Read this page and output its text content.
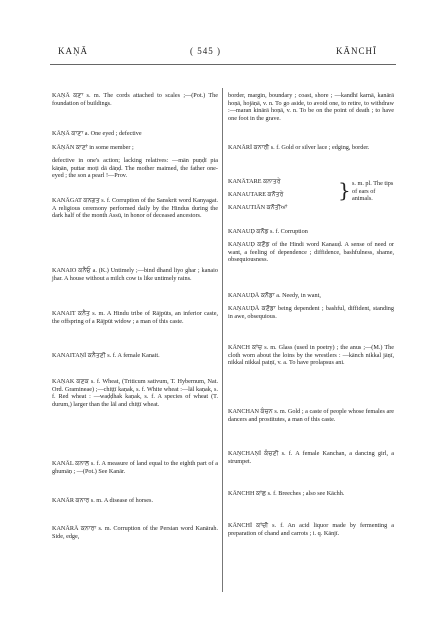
KAṆĀ	( 545 )	KĀNCHĪ

KAṆĀ ਕਣਾ s. m. The cords attached to scales ;—(Pot.) The foundation of buildings.

KĀṆĀ ਕਾਣਾ a. One eyed ; defective

KĀṆĀN ਕਾਣਾਂ in some member ;

defective in one's action; lacking relatives: —mān puṇḍī pia kāṇān, puttar moṭi dā dāṇḍ. The mother maimed, the father one-eyed ; the son a pearl !—Prov.

KANĀGAT ਕਨਗਤ s. f. Corruption of the Sanskrit word Kanyagat. A religious ceremony performed daily by the Hindus during the dark half of the month Assū, in honor of deceased ancestors.

KANAIO ਕਨੈਓ a. (K.) Untimely ;—bind dhand liyo ghar ; kanaio jhar. A house without a milch cow is like untimely rains.

KANAIT ਕਨੈਤ s. m. A Hindu tribe of Rājpūts, an inferior caste, the offspring of a Rājpūt widow ; a man of this caste.

KANAITAṆĪ ਕਨੈਤਣੀ s. f. A female Kanait.

KAṆAK ਕਣਕ s. f. Wheat, (Triticum sativum, T. Hybernum, Nat. Ord. Gramineae) ;—chiṭṭī kaṇak, s. f. White wheat :—lāl kaṇak, s. f. Red wheat : —waḍḍhak kaṇak, s. f. A species of wheat (T. durum,) larger than the lāl and chiṭṭī wheat.

KANĀL ਕਨਾਲ s. f. A measure of land equal to the eighth part of a ghumāṇ ; —(Pot.) See Kanār.

KANĀR ਕਨਾਰ s. m. A disease of horses.

KANĀRĀ ਕਨਾਰਾ s. m. Corruption of the Persian word Kanārah. Side, edge,

border, margin, boundary ; coast, shore ; —kandhī karnā, kanārā hoṇā, hojāṇā, v. n. To go aside, to avoid one, to retire, to withdraw :—maran kinārā hoṇā, v. n. To be on the point of death ; to have one foot in the grave.

KANĀRĪ ਕਨਾਰੀ s. f. Gold or silver lace ; edging, border.

KANĀTARE ਕਨਾਤਰੇ

KANAUTARE ਕਨੌਤਰੇ

KANAUTIĀN ਕਨੌਤੀਆਂ

} s. m. pl. The tips of ears of animals.

KANAUḌ ਕਨੌਡ s. f. Corruption

KAṆAUḌ ਕਣੌਡ of the Hindi word Kanauḍ. A sense of need or want, a feeling of dependence ; diffidence, bashfulness, shame, obsequiousness.

KANAUḌĀ ਕਨੌਡਾ a. Needy, in want,

KAṆAUḌĀ ਕਣੌਡਾ being dependent ; bashful, diffident, standing in awe, obsequious.

KĀNCH ਕਾਂਚ s. m. Glass (used in poetry) ; the anus ;—(M.) The cloth worn about the loins by the wrestlers : —kānch nikkal jāṇī, nikkal nikkal paiṇī, v. a. To have prolapsus ani.

KANCHAN ਕੰਚਨ s. m. Gold ; a caste of people whose females are dancers and prostitutes, a man of this caste.

KAṆCHAṆĪ ਕੰਚਣੀ s. f. A female Kanchan, a dancing girl, a strumpet.

KĀNCHH ਕਾਂਛ s. f. Breeches ; also see Kāchh.

KĀNCHĪ ਕਾਂਚੀ s. f. An acid liquor made by fermenting a preparation of chand and carrots ; i. q. Kānjī.
